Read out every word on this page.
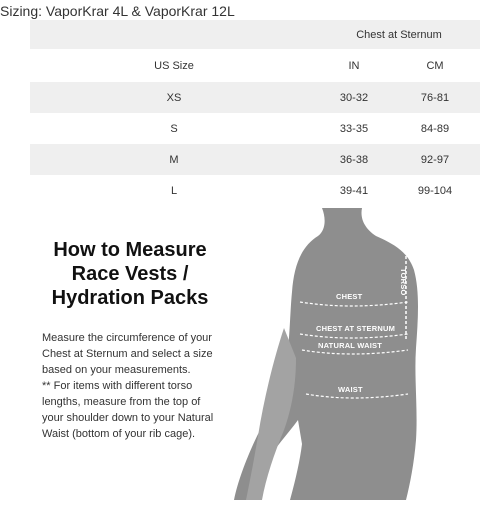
Sizing: VaporKrar 4L & VaporKrar 12L
Chest at Sternum
US Size	IN	CM
XS	30-32	76-81
S	33-35	84-89
M	36-38	92-97
L	39-41	99-104
How to Measure Race Vests / Hydration Packs

Measure the circumference of your Chest at Sternum and select a size based on your measurements.

** For items with different torso lengths, measure from the top of your shoulder down to your Natural Waist (bottom of your rib cage).

TORSO
CHEST
CHEST AT STERNUM
NATURAL WAIST
WAIST
